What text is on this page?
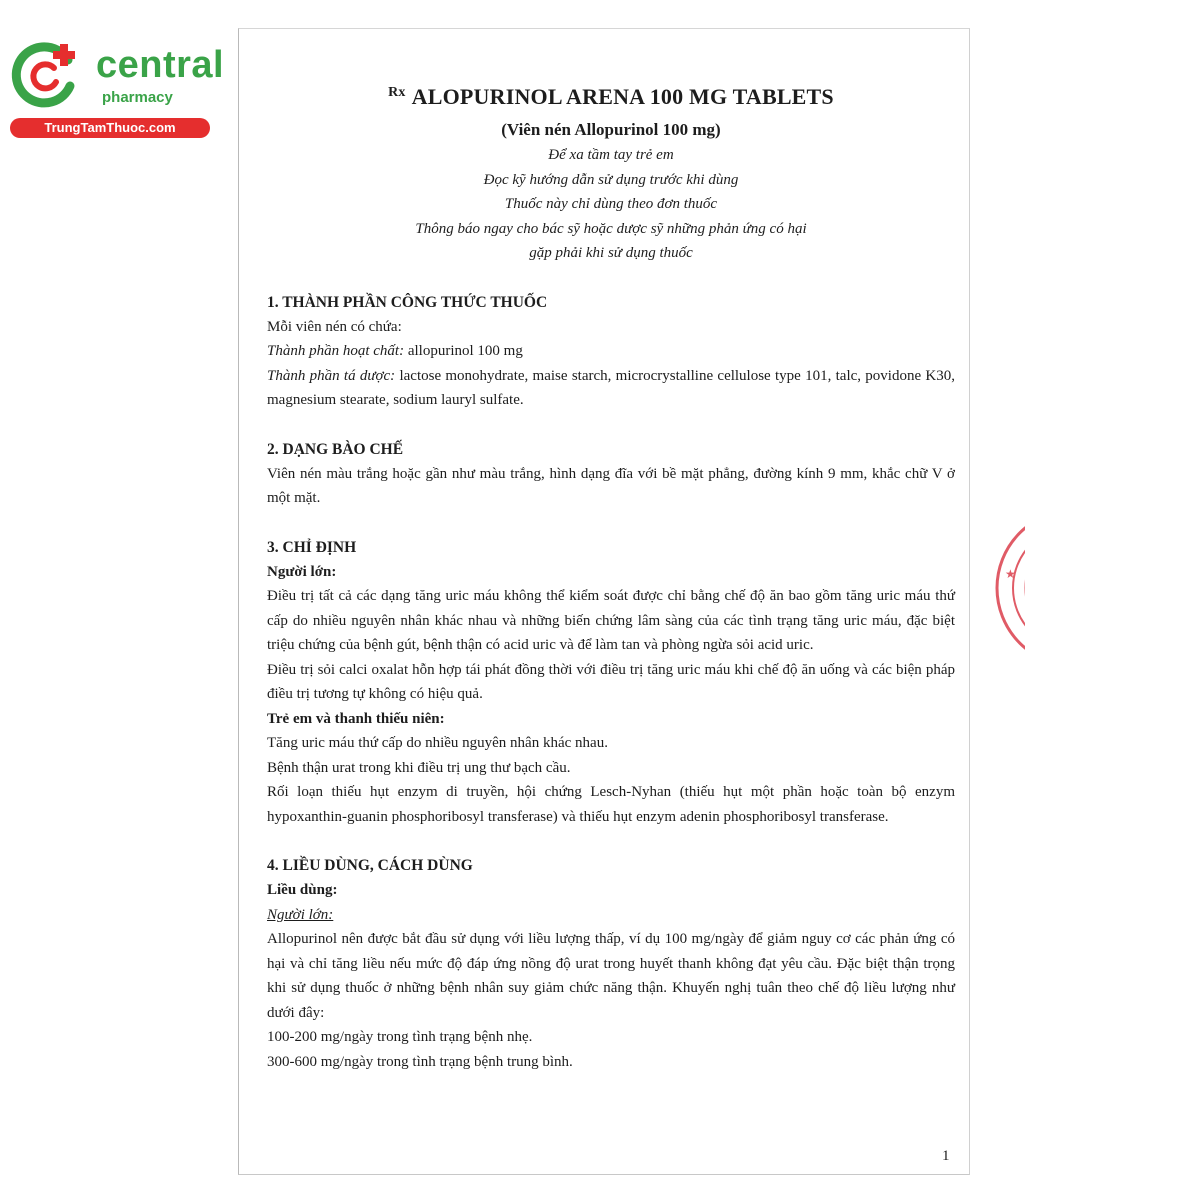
central
pharmacy
TrungTamThuoc.com
$^{Rx}$ ALOPURINOL ARENA 100 MG TABLETS
(Viên nén Allopurinol 100 mg)
Để xa tầm tay trẻ em
Đọc kỹ hướng dẫn sử dụng trước khi dùng
Thuốc này chỉ dùng theo đơn thuốc
Thông báo ngay cho bác sỹ hoặc dược sỹ những phản ứng có hại
gặp phải khi sử dụng thuốc
1. THÀNH PHẦN CÔNG THỨC THUỐC
Mỗi viên nén có chứa:
Thành phần hoạt chất: allopurinol 100 mg
Thành phần tá dược: lactose monohydrate, maise starch, microcrystalline cellulose type 101, talc, povidone K30, magnesium stearate, sodium lauryl sulfate.
2. DẠNG BÀO CHẾ
Viên nén màu trắng hoặc gần như màu trắng, hình dạng đĩa với bề mặt phẳng, đường kính 9 mm, khắc chữ V ở một mặt.
3. CHỈ ĐỊNH
Người lớn:
Điều trị tất cả các dạng tăng uric máu không thể kiểm soát được chỉ bằng chế độ ăn bao gồm tăng uric máu thứ cấp do nhiều nguyên nhân khác nhau và những biến chứng lâm sàng của các tình trạng tăng uric máu, đặc biệt triệu chứng của bệnh gút, bệnh thận có acid uric và để làm tan và phòng ngừa sỏi acid uric.
Điều trị sỏi calci oxalat hỗn hợp tái phát đồng thời với điều trị tăng uric máu khi chế độ ăn uống và các biện pháp điều trị tương tự không có hiệu quả.
Trẻ em và thanh thiếu niên:
Tăng uric máu thứ cấp do nhiều nguyên nhân khác nhau.
Bệnh thận urat trong khi điều trị ung thư bạch cầu.
Rối loạn thiếu hụt enzym di truyền, hội chứng Lesch-Nyhan (thiếu hụt một phần hoặc toàn bộ enzym hypoxanthin-guanin phosphoribosyl transferase) và thiếu hụt enzym adenin phosphoribosyl transferase.
4. LIỀU DÙNG, CÁCH DÙNG
Liều dùng:
Người lớn:
Allopurinol nên được bắt đầu sử dụng với liều lượng thấp, ví dụ 100 mg/ngày để giảm nguy cơ các phản ứng có hại và chỉ tăng liều nếu mức độ đáp ứng nồng độ urat trong huyết thanh không đạt yêu cầu. Đặc biệt thận trọng khi sử dụng thuốc ở những bệnh nhân suy giảm chức năng thận. Khuyến nghị tuân theo chế độ liều lượng như dưới đây:
100-200 mg/ngày trong tình trạng bệnh nhẹ.
300-600 mg/ngày trong tình trạng bệnh trung bình.
1
★
